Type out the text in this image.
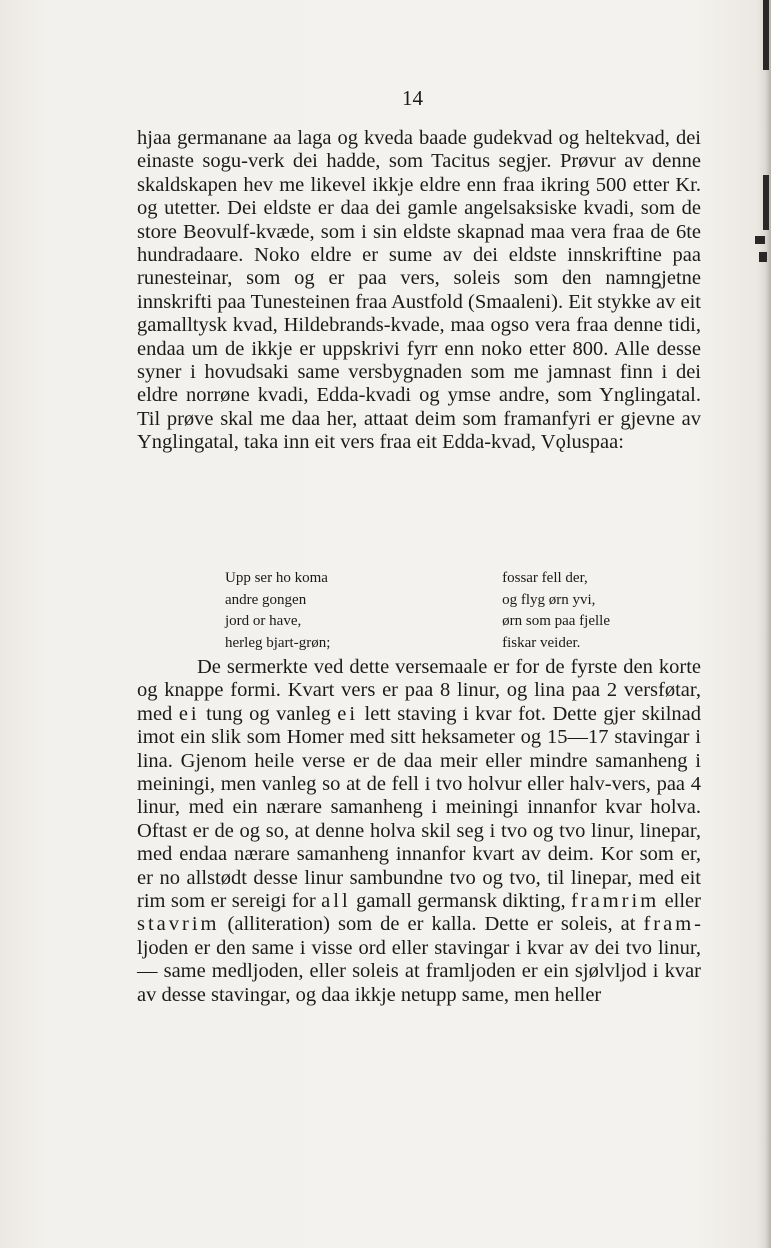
14

hjaa germanane aa laga og kveda baade gudekvad og heltekvad, dei einaste sogu-verk dei hadde, som Tacitus segjer. Prøvur av denne skaldskapen hev me likevel ikkje eldre enn fraa ikring 500 etter Kr. og utetter. Dei eldste er daa dei gamle angelsaksiske kvadi, som de store Beovulf-kvæde, som i sin eldste skapnad maa vera fraa de 6te hundradaare. Noko eldre er sume av dei eldste innskriftine paa runesteinar, som og er paa vers, soleis som den namngjetne innskrifti paa Tunesteinen fraa Austfold (Smaaleni). Eit stykke av eit gamalltysk kvad, Hildebrands-kvade, maa ogso vera fraa denne tidi, endaa um de ikkje er uppskrivi fyrr enn noko etter 800. Alle desse syner i hovudsaki same versbygnaden som me jamnast finn i dei eldre norrøne kvadi, Edda-kvadi og ymse andre, som Ynglingatal. Til prøve skal me daa her, attaat deim som framanfyri er gjevne av Ynglingatal, taka inn eit vers fraa eit Edda-kvad, Vǫluspaa:

Upp ser ho koma
andre gongen
jord or have,
herleg bjart-grøn;
fossar fell der,
og flyg ørn yvi,
ørn som paa fjelle
fiskar veider.

De sermerkte ved dette versemaale er for de fyrste den korte og knappe formi. Kvart vers er paa 8 linur, og lina paa 2 versføtar, med ei tung og vanleg ei lett staving i kvar fot. Dette gjer skilnad imot ein slik som Homer med sitt heksameter og 15—17 stavingar i lina. Gjenom heile verse er de daa meir eller mindre samanheng i meiningi, men vanleg so at de fell i tvo holvur eller halv-vers, paa 4 linur, med ein nærare samanheng i meiningi innanfor kvar holva. Oftast er de og so, at denne holva skil seg i tvo og tvo linur, linepar, med endaa nærare samanheng innanfor kvart av deim. Kor som er, er no allstødt desse linur sambundne tvo og tvo, til linepar, med eit rim som er sereigi for all gamall germansk dikting, framrim eller stavrim (alliteration) som de er kalla. Dette er soleis, at fram-ljoden er den same i visse ord eller stavingar i kvar av dei tvo linur, — same medljoden, eller soleis at framljoden er ein sjølvljod i kvar av desse stavingar, og daa ikkje netupp same, men heller
